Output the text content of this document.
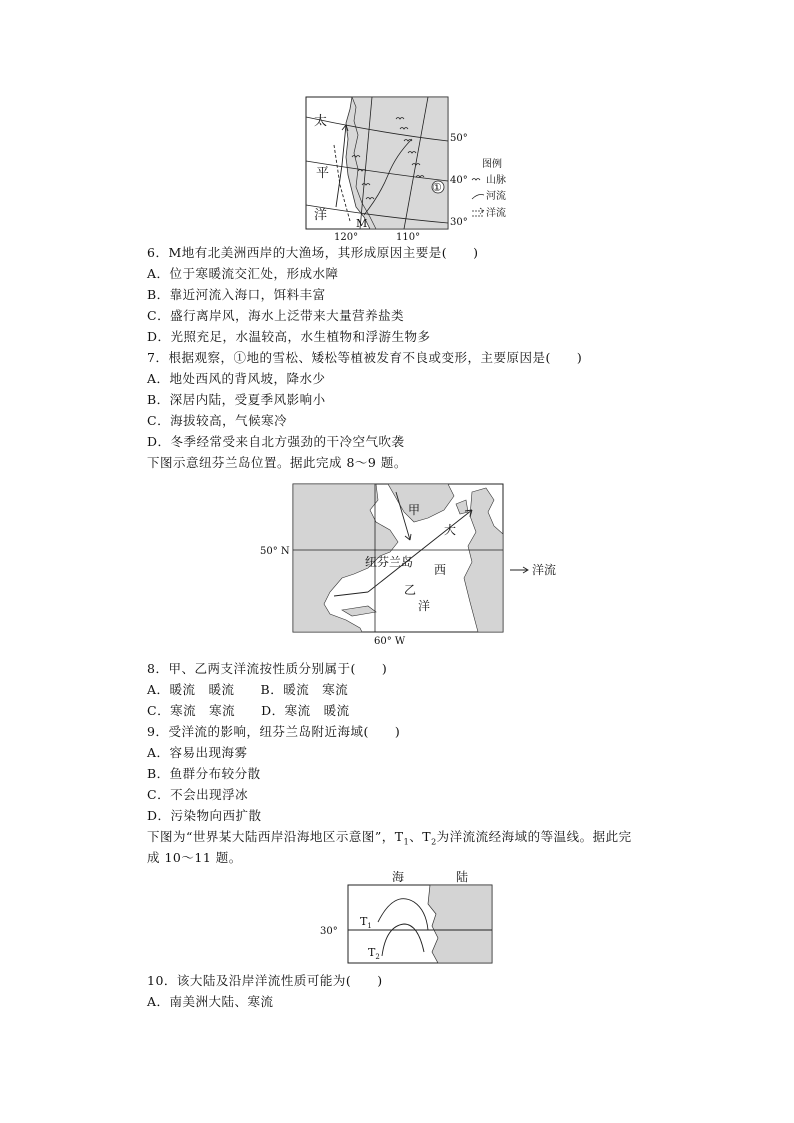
①
太
平
洋
M
50°
40°
30°
120°	110°
图例
山脉
河流
洋流
6．M地有北美洲西岸的大渔场，其形成原因主要是(　　)
A．位于寒暖流交汇处，形成水障
B．靠近河流入海口，饵料丰富
C．盛行离岸风，海水上泛带来大量营养盐类
D．光照充足，水温较高，水生植物和浮游生物多
7．根据观察，①地的雪松、矮松等植被发育不良或变形，主要原因是(　　)
A．地处西风的背风坡，降水少
B．深居内陆，受夏季风影响小
C．海拔较高，气候寒冷
D．冬季经常受来自北方强劲的干冷空气吹袭
下图示意纽芬兰岛位置。据此完成 8～9 题。
50° N
60° W
甲
大
纽芬兰岛
西
乙
洋
洋流
8．甲、乙两支洋流按性质分别属于(　　)
A．暖流　暖流　　B．暖流　寒流
C．寒流　寒流　　D．寒流　暖流
9．受洋流的影响，纽芬兰岛附近海域(　　)
A．容易出现海雾
B．鱼群分布较分散
C．不会出现浮冰
D．污染物向西扩散
下图为“世界某大陆西岸沿海地区示意图”，$T_1$、$T_2$为洋流流经海域的等温线。据此完
成 10～11 题。
海	陆
30°
$T_1$
$T_2$
10．该大陆及沿岸洋流性质可能为(　　)
A．南美洲大陆、寒流
